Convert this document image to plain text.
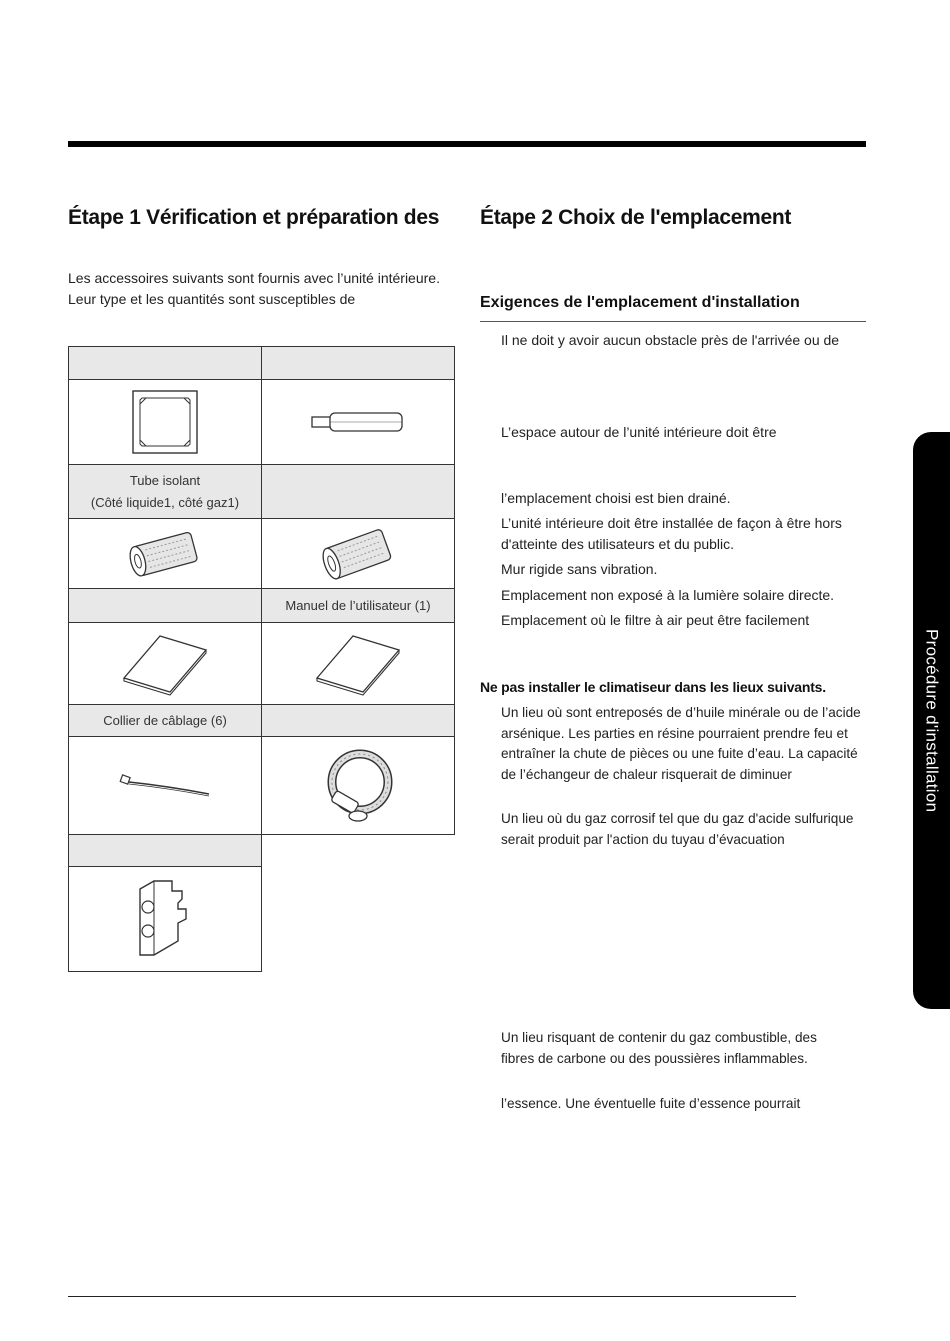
Étape 1 Vérification et préparation des
Les accessoires suivants sont fournis avec l’unité intérieure. Leur type et les quantités sont susceptibles de
Tube isolant
(Côté liquide1, côté gaz1)
Manuel de l’utilisateur (1)
Collier de câblage (6)
Étape 2 Choix de l'emplacement
Exigences de l'emplacement d'installation
Il ne doit y avoir aucun obstacle près de l'arrivée ou de
L’espace autour de l’unité intérieure doit être
l’emplacement choisi est bien drainé.
L’unité intérieure doit être installée de façon à être hors d'atteinte des utilisateurs et du public.
Mur rigide sans vibration.
Emplacement non exposé à la lumière solaire directe.
Emplacement où le filtre à air peut être facilement
Ne pas installer le climatiseur dans les lieux suivants.
Un lieu où sont entreposés de d’huile minérale ou de l’acide arsénique. Les parties en résine pourraient prendre feu et entraîner la chute de pièces ou une fuite d’eau. La capacité de l’échangeur de chaleur risquerait de diminuer
Un lieu où du gaz corrosif tel que du gaz d'acide sulfurique serait produit par l'action du tuyau d’évacuation
Un lieu risquant de contenir du gaz combustible, des fibres de carbone ou des poussières inflammables.
l’essence. Une éventuelle fuite d’essence pourrait
Procédure d'installation
